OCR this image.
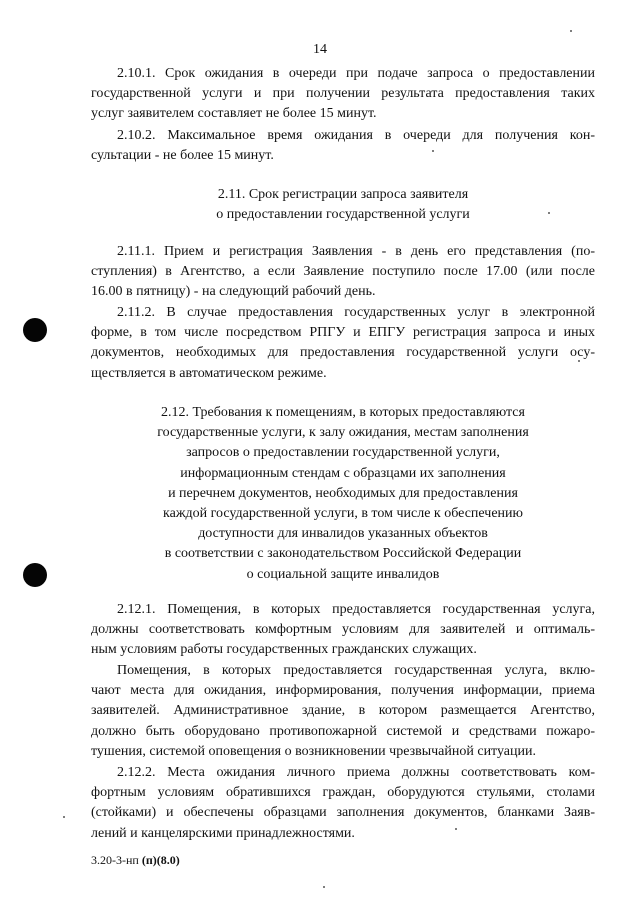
14
2.10.1. Срок ожидания в очереди при подаче запроса о предоставлении
государственной услуги и при получении результата предоставления таких
услуг заявителем составляет не более 15 минут.
2.10.2. Максимальное время ожидания в очереди для получения кон-
сультации - не более 15 минут.
2.11. Срок регистрации запроса заявителя
о предоставлении государственной услуги
2.11.1. Прием и регистрация Заявления - в день его представления (по-
ступления) в Агентство, а если Заявление поступило после 17.00 (или после
16.00 в пятницу) - на следующий рабочий день.
2.11.2. В случае предоставления государственных услуг в электронной
форме, в том числе посредством РПГУ и ЕПГУ регистрация запроса и иных
документов, необходимых для предоставления государственной услуги осу-
ществляется в автоматическом режиме.
2.12. Требования к помещениям, в которых предоставляются
государственные услуги, к залу ожидания, местам заполнения
запросов о предоставлении государственной услуги,
информационным стендам с образцами их заполнения
и перечнем документов, необходимых для предоставления
каждой государственной услуги, в том числе к обеспечению
доступности для инвалидов указанных объектов
в соответствии с законодательством Российской Федерации
о социальной защите инвалидов
2.12.1. Помещения, в которых предоставляется государственная услуга,
должны соответствовать комфортным условиям для заявителей и оптималь-
ным условиям работы государственных гражданских служащих.
Помещения, в которых предоставляется государственная услуга, вклю-
чают места для ожидания, информирования, получения информации, приема
заявителей. Административное здание, в котором размещается Агентство,
должно быть оборудовано противопожарной системой и средствами пожаро-
тушения, системой оповещения о возникновении чрезвычайной ситуации.
2.12.2. Места ожидания личного приема должны соответствовать ком-
фортным условиям обратившихся граждан, оборудуются стульями, столами
(стойками) и обеспечены образцами заполнения документов, бланками Заяв-
лений и канцелярскими принадлежностями.
3.20-3-нп (п)(8.0)
